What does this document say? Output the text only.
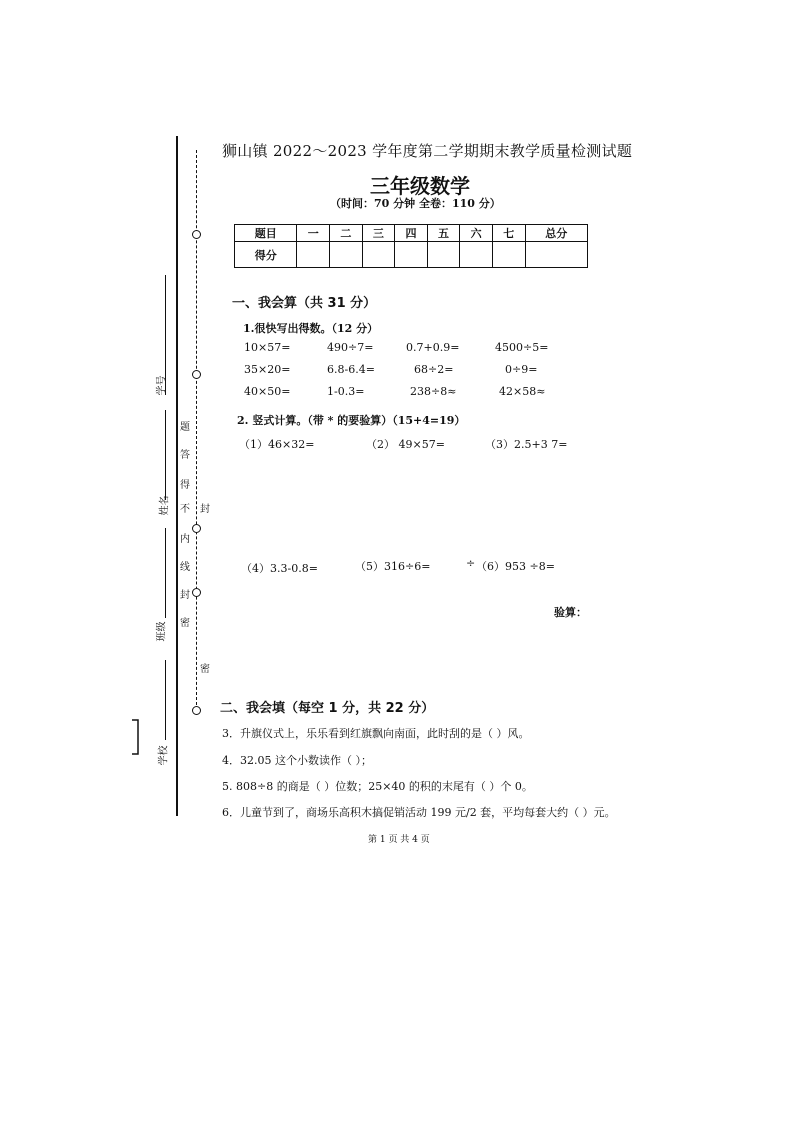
题
答
得
不
内
线
封
密
封
密
学号
姓名
班级
学校
狮山镇 2022～2023 学年度第二学期期末教学质量检测试题
三年级数学
（时间：70 分钟 全卷：110 分）
题目	一	二	三	四	五	六	七	总分
得分								
一、我会算（共 31 分）
1.很快写出得数。（12 分）
10×57=	490÷7=	0.7+0.9=	4500÷5=
35×20=	6.8-6.4=	68÷2=	0÷9=
40×50=	1-0.3=	238÷8≈	42×58≈
2. 竖式计算。（带 * 的要验算）（15+4=19）
（1）46×32=	（2） 49×57=	（3）2.5+3 7=
（4）3.3-0.8=	（5）316÷6=	÷ （6）953 ÷8=
验算：
二、我会填（每空 1 分，共 22 分）
3．升旗仪式上，乐乐看到红旗飘向南面，此时刮的是（ ）风。
4．32.05 这个小数读作（ ）；
5. 808÷8 的商是（ ）位数；25×40 的积的末尾有（ ）个 0。
6．儿童节到了，商场乐高积木搞促销活动 199 元/2 套，平均每套大约（ ）元。
第 1 页 共 4 页
